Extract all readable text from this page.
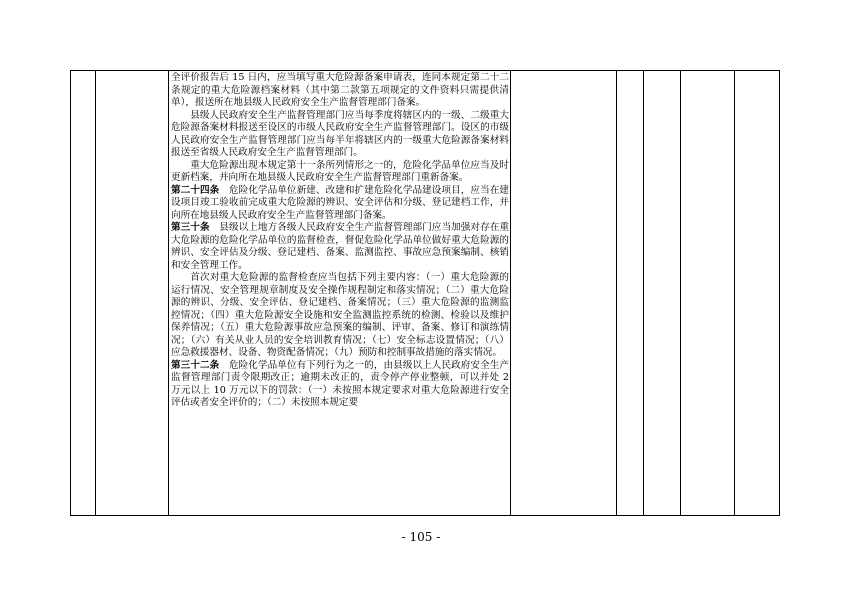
全评价报告后 15 日内，应当填写重大危险源备案申请表，连同本规定第二十二条规定的重大危险源档案材料（其中第二款第五项规定的文件资料只需提供清单），报送所在地县级人民政府安全生产监督管理部门备案。

县级人民政府安全生产监督管理部门应当每季度将辖区内的一级、二级重大危险源备案材料报送至设区的市级人民政府安全生产监督管理部门。设区的市级人民政府安全生产监督管理部门应当每半年将辖区内的一级重大危险源备案材料报送至省级人民政府安全生产监督管理部门。

重大危险源出现本规定第十一条所列情形之一的，危险化学品单位应当及时更新档案，并向所在地县级人民政府安全生产监督管理部门重新备案。

第二十四条　危险化学品单位新建、改建和扩建危险化学品建设项目，应当在建设项目竣工验收前完成重大危险源的辨识、安全评估和分级、登记建档工作，并向所在地县级人民政府安全生产监督管理部门备案。

第三十条　县级以上地方各级人民政府安全生产监督管理部门应当加强对存在重大危险源的危险化学品单位的监督检查，督促危险化学品单位做好重大危险源的辨识、安全评估及分级、登记建档、备案、监测监控、事故应急预案编制、核销和安全管理工作。

首次对重大危险源的监督检查应当包括下列主要内容：（一）重大危险源的运行情况、安全管理规章制度及安全操作规程制定和落实情况；（二）重大危险源的辨识、分级、安全评估、登记建档、备案情况；（三）重大危险源的监测监控情况；（四）重大危险源安全设施和安全监测监控系统的检测、检验以及维护保养情况；（五）重大危险源事故应急预案的编制、评审、备案、修订和演练情况；（六）有关从业人员的安全培训教育情况；（七）安全标志设置情况；（八）应急救援器材、设备、物资配备情况；（九）预防和控制事故措施的落实情况。

第三十二条　危险化学品单位有下列行为之一的，由县级以上人民政府安全生产监督管理部门责令限期改正；逾期未改正的，责令停产停业整顿，可以并处 2 万元以上 10 万元以下的罚款：（一）未按照本规定要求对重大危险源进行安全评估或者安全评价的；（二）未按照本规定要

- 105 -
